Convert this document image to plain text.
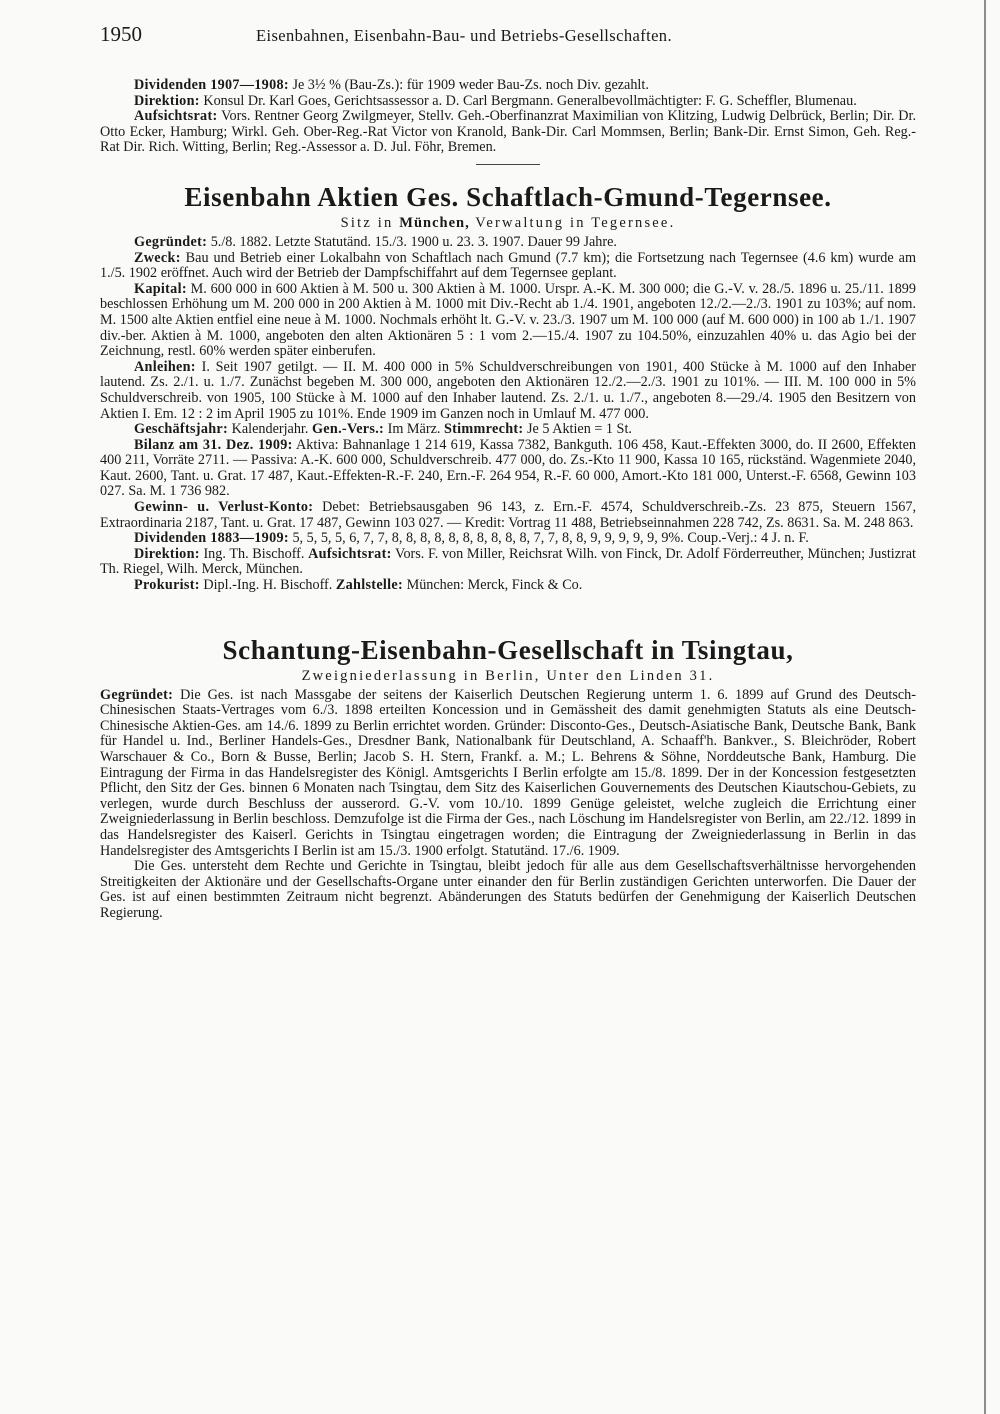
1950	Eisenbahnen, Eisenbahn-Bau- und Betriebs-Gesellschaften.

Dividenden 1907—1908: Je 3½ % (Bau-Zs.): für 1909 weder Bau-Zs. noch Div. gezahlt.

Direktion: Konsul Dr. Karl Goes, Gerichtsassessor a. D. Carl Bergmann. Generalbevollmächtigter: F. G. Scheffler, Blumenau.

Aufsichtsrat: Vors. Rentner Georg Zwilgmeyer, Stellv. Geh.-Oberfinanzrat Maximilian von Klitzing, Ludwig Delbrück, Berlin; Dir. Dr. Otto Ecker, Hamburg; Wirkl. Geh. Ober-Reg.-Rat Victor von Kranold, Bank-Dir. Carl Mommsen, Berlin; Bank-Dir. Ernst Simon, Geh. Reg.-Rat Dir. Rich. Witting, Berlin; Reg.-Assessor a. D. Jul. Föhr, Bremen.

Eisenbahn Aktien Ges. Schaftlach-Gmund-Tegernsee.
Sitz in München, Verwaltung in Tegernsee.

Gegründet: 5./8. 1882. Letzte Statutänd. 15./3. 1900 u. 23. 3. 1907. Dauer 99 Jahre.

Zweck: Bau und Betrieb einer Lokalbahn von Schaftlach nach Gmund (7.7 km); die Fortsetzung nach Tegernsee (4.6 km) wurde am 1./5. 1902 eröffnet. Auch wird der Betrieb der Dampfschiffahrt auf dem Tegernsee geplant.

Kapital: M. 600 000 in 600 Aktien à M. 500 u. 300 Aktien à M. 1000. Urspr. A.-K. M. 300 000; die G.-V. v. 28./5. 1896 u. 25./11. 1899 beschlossen Erhöhung um M. 200 000 in 200 Aktien à M. 1000 mit Div.-Recht ab 1./4. 1901, angeboten 12./2.—2./3. 1901 zu 103%; auf nom. M. 1500 alte Aktien entfiel eine neue à M. 1000. Nochmals erhöht lt. G.-V. v. 23./3. 1907 um M. 100 000 (auf M. 600 000) in 100 ab 1./1. 1907 div.-ber. Aktien à M. 1000, angeboten den alten Aktionären 5 : 1 vom 2.—15./4. 1907 zu 104.50%, einzuzahlen 40% u. das Agio bei der Zeichnung, restl. 60% werden später einberufen.

Anleihen: I. Seit 1907 getilgt. — II. M. 400 000 in 5% Schuldverschreibungen von 1901, 400 Stücke à M. 1000 auf den Inhaber lautend. Zs. 2./1. u. 1./7. Zunächst begeben M. 300 000, angeboten den Aktionären 12./2.—2./3. 1901 zu 101%. — III. M. 100 000 in 5% Schuldverschreib. von 1905, 100 Stücke à M. 1000 auf den Inhaber lautend. Zs. 2./1. u. 1./7., angeboten 8.—29./4. 1905 den Besitzern von Aktien I. Em. 12 : 2 im April 1905 zu 101%. Ende 1909 im Ganzen noch in Umlauf M. 477 000.

Geschäftsjahr: Kalenderjahr. Gen.-Vers.: Im März. Stimmrecht: Je 5 Aktien = 1 St.

Bilanz am 31. Dez. 1909: Aktiva: Bahnanlage 1 214 619, Kassa 7382, Bankguth. 106 458, Kaut.-Effekten 3000, do. II 2600, Effekten 400 211, Vorräte 2711. — Passiva: A.-K. 600 000, Schuldverschreib. 477 000, do. Zs.-Kto 11 900, Kassa 10 165, rückständ. Wagenmiete 2040, Kaut. 2600, Tant. u. Grat. 17 487, Kaut.-Effekten-R.-F. 240, Ern.-F. 264 954, R.-F. 60 000, Amort.-Kto 181 000, Unterst.-F. 6568, Gewinn 103 027. Sa. M. 1 736 982.

Gewinn- u. Verlust-Konto: Debet: Betriebsausgaben 96 143, z. Ern.-F. 4574, Schuldverschreib.-Zs. 23 875, Steuern 1567, Extraordinaria 2187, Tant. u. Grat. 17 487, Gewinn 103 027. — Kredit: Vortrag 11 488, Betriebseinnahmen 228 742, Zs. 8631. Sa. M. 248 863.

Dividenden 1883—1909: 5, 5, 5, 5, 6, 7, 7, 8, 8, 8, 8, 8, 8, 8, 8, 8, 8, 7, 7, 8, 8, 9, 9, 9, 9, 9, 9%. Coup.-Verj.: 4 J. n. F.

Direktion: Ing. Th. Bischoff. Aufsichtsrat: Vors. F. von Miller, Reichsrat Wilh. von Finck, Dr. Adolf Förderreuther, München; Justizrat Th. Riegel, Wilh. Merck, München.

Prokurist: Dipl.-Ing. H. Bischoff. Zahlstelle: München: Merck, Finck & Co.

Schantung-Eisenbahn-Gesellschaft in Tsingtau,
Zweigniederlassung in Berlin, Unter den Linden 31.

Gegründet: Die Ges. ist nach Massgabe der seitens der Kaiserlich Deutschen Regierung unterm 1. 6. 1899 auf Grund des Deutsch-Chinesischen Staats-Vertrages vom 6./3. 1898 erteilten Koncession und in Gemässheit des damit genehmigten Statuts als eine Deutsch-Chinesische Aktien-Ges. am 14./6. 1899 zu Berlin errichtet worden. Gründer: Disconto-Ges., Deutsch-Asiatische Bank, Deutsche Bank, Bank für Handel u. Ind., Berliner Handels-Ges., Dresdner Bank, Nationalbank für Deutschland, A. Schaaff'h. Bankver., S. Bleichröder, Robert Warschauer & Co., Born & Busse, Berlin; Jacob S. H. Stern, Frankf. a. M.; L. Behrens & Söhne, Norddeutsche Bank, Hamburg. Die Eintragung der Firma in das Handelsregister des Königl. Amtsgerichts I Berlin erfolgte am 15./8. 1899. Der in der Koncession festgesetzten Pflicht, den Sitz der Ges. binnen 6 Monaten nach Tsingtau, dem Sitz des Kaiserlichen Gouvernements des Deutschen Kiautschou-Gebiets, zu verlegen, wurde durch Beschluss der ausserord. G.-V. vom 10./10. 1899 Genüge geleistet, welche zugleich die Errichtung einer Zweigniederlassung in Berlin beschloss. Demzufolge ist die Firma der Ges., nach Löschung im Handelsregister von Berlin, am 22./12. 1899 in das Handelsregister des Kaiserl. Gerichts in Tsingtau eingetragen worden; die Eintragung der Zweigniederlassung in Berlin in das Handelsregister des Amtsgerichts I Berlin ist am 15./3. 1900 erfolgt. Statutänd. 17./6. 1909.

Die Ges. untersteht dem Rechte und Gerichte in Tsingtau, bleibt jedoch für alle aus dem Gesellschaftsverhältnisse hervorgehenden Streitigkeiten der Aktionäre und der Gesellschafts-Organe unter einander den für Berlin zuständigen Gerichten unterworfen. Die Dauer der Ges. ist auf einen bestimmten Zeitraum nicht begrenzt. Abänderungen des Statuts bedürfen der Genehmigung der Kaiserlich Deutschen Regierung.
